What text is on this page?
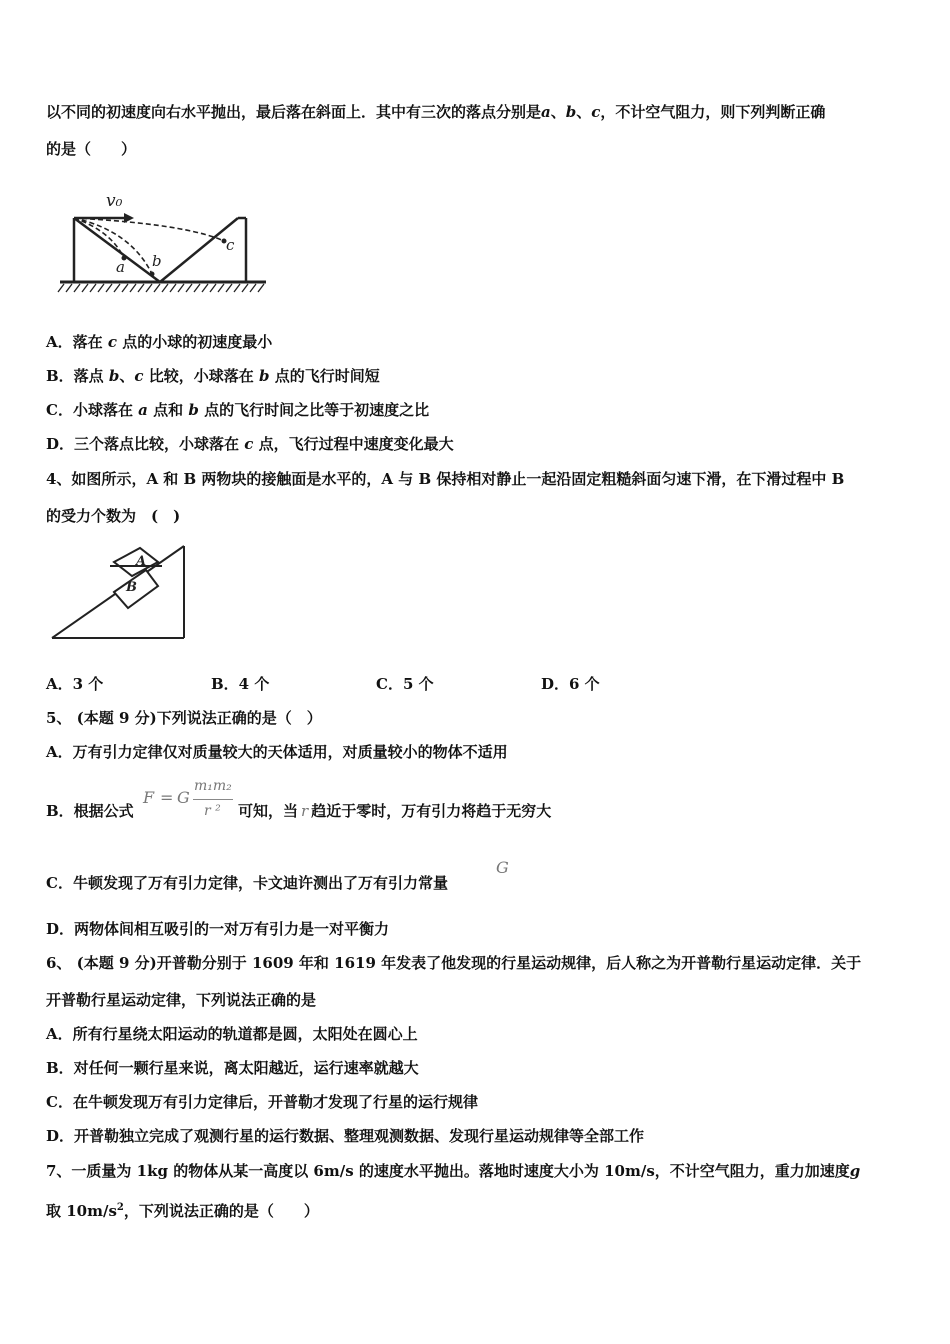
以不同的初速度向右水平抛出，最后落在斜面上．其中有三次的落点分别是a、b、c，不计空气阻力，则下列判断正确
的是（　　）
v₀
a b
c
A．落在 c 点的小球的初速度最小
B．落点 b、c 比较，小球落在 b 点的飞行时间短
C．小球落在 a 点和 b 点的飞行时间之比等于初速度之比
D．三个落点比较，小球落在 c 点，飞行过程中速度变化最大
4、如图所示，A 和 B 两物块的接触面是水平的，A 与 B 保持相对静止一起沿固定粗糙斜面匀速下滑，在下滑过程中 B
的受力个数为　(　)
A
B
A．3 个	B．4 个	C．5 个	D．6 个
5、 (本题 9 分)下列说法正确的是（　）
A．万有引力定律仅对质量较大的天体适用，对质量较小的物体不适用
B．根据公式
F = G
m₁m₂
r ² 可知，当 r 趋近于零时，万有引力将趋于无穷大
C．牛顿发现了万有引力定律，卡文迪许测出了万有引力常量
G
D．两物体间相互吸引的一对万有引力是一对平衡力
6、 (本题 9 分)开普勒分别于 1609 年和 1619 年发表了他发现的行星运动规律，后人称之为开普勒行星运动定律．关于
开普勒行星运动定律，下列说法正确的是
A．所有行星绕太阳运动的轨道都是圆，太阳处在圆心上
B．对任何一颗行星来说，离太阳越近，运行速率就越大
C．在牛顿发现万有引力定律后，开普勒才发现了行星的运行规律
D．开普勒独立完成了观测行星的运行数据、整理观测数据、发现行星运动规律等全部工作
7、一质量为 1kg 的物体从某一高度以 6m/s 的速度水平抛出。落地时速度大小为 10m/s，不计空气阻力，重力加速度g
取 $10m/s^2$，下列说法正确的是（　　）
